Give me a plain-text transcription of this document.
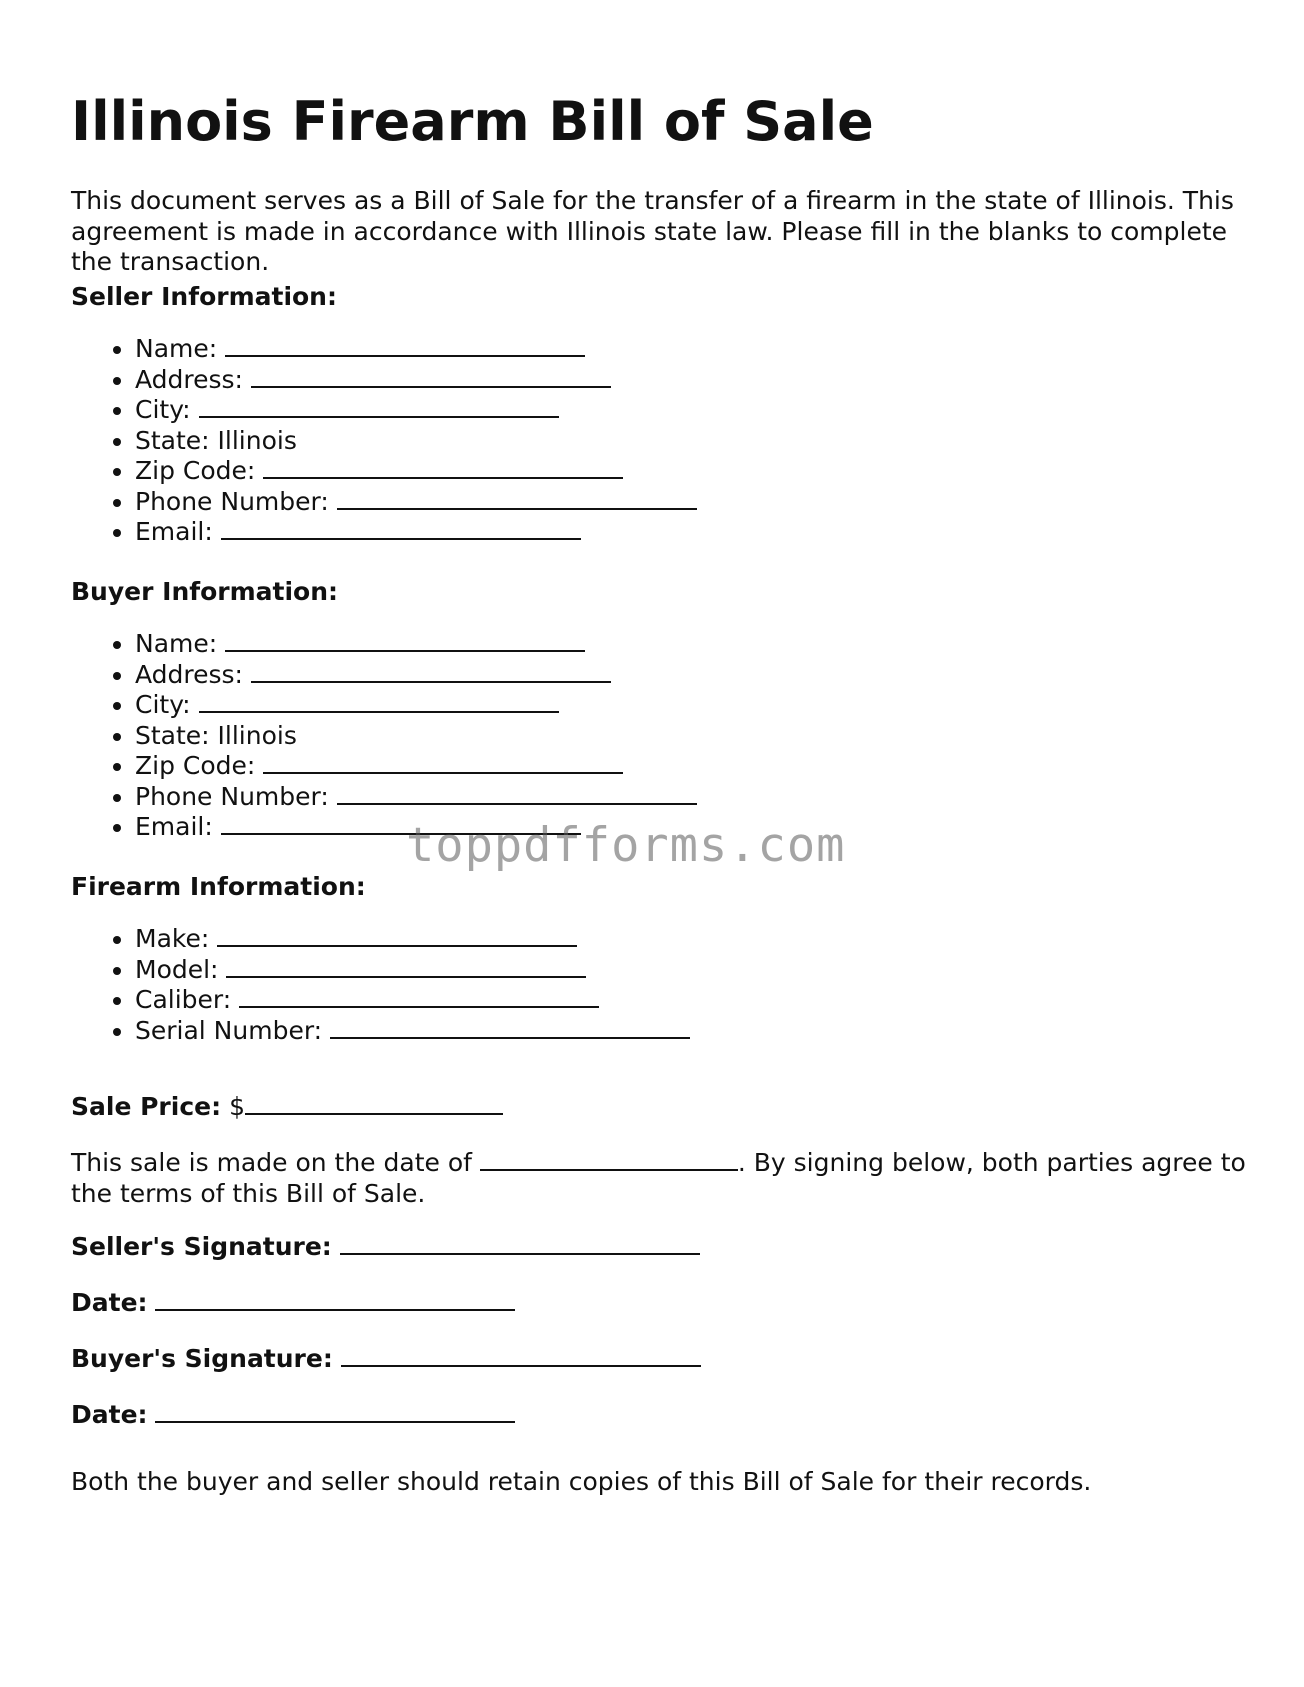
Illinois Firearm Bill of Sale

This document serves as a Bill of Sale for the transfer of a firearm in the state of Illinois. This agreement is made in accordance with Illinois state law. Please fill in the blanks to complete the transaction.

Seller Information:
• Name:
• Address:
• City:
• State: Illinois
• Zip Code:
• Phone Number:
• Email:
Buyer Information:
• Name:
• Address:
• City:
• State: Illinois
• Zip Code:
• Phone Number:
• Email:
Firearm Information:
• Make:
• Model:
• Caliber:
• Serial Number:
Sale Price: $
This sale is made on the date of	. By signing below, both parties agree to the terms of this Bill of Sale.
Seller's Signature:
Date:
Buyer's Signature:
Date:
Both the buyer and seller should retain copies of this Bill of Sale for their records.
toppdfforms.com
